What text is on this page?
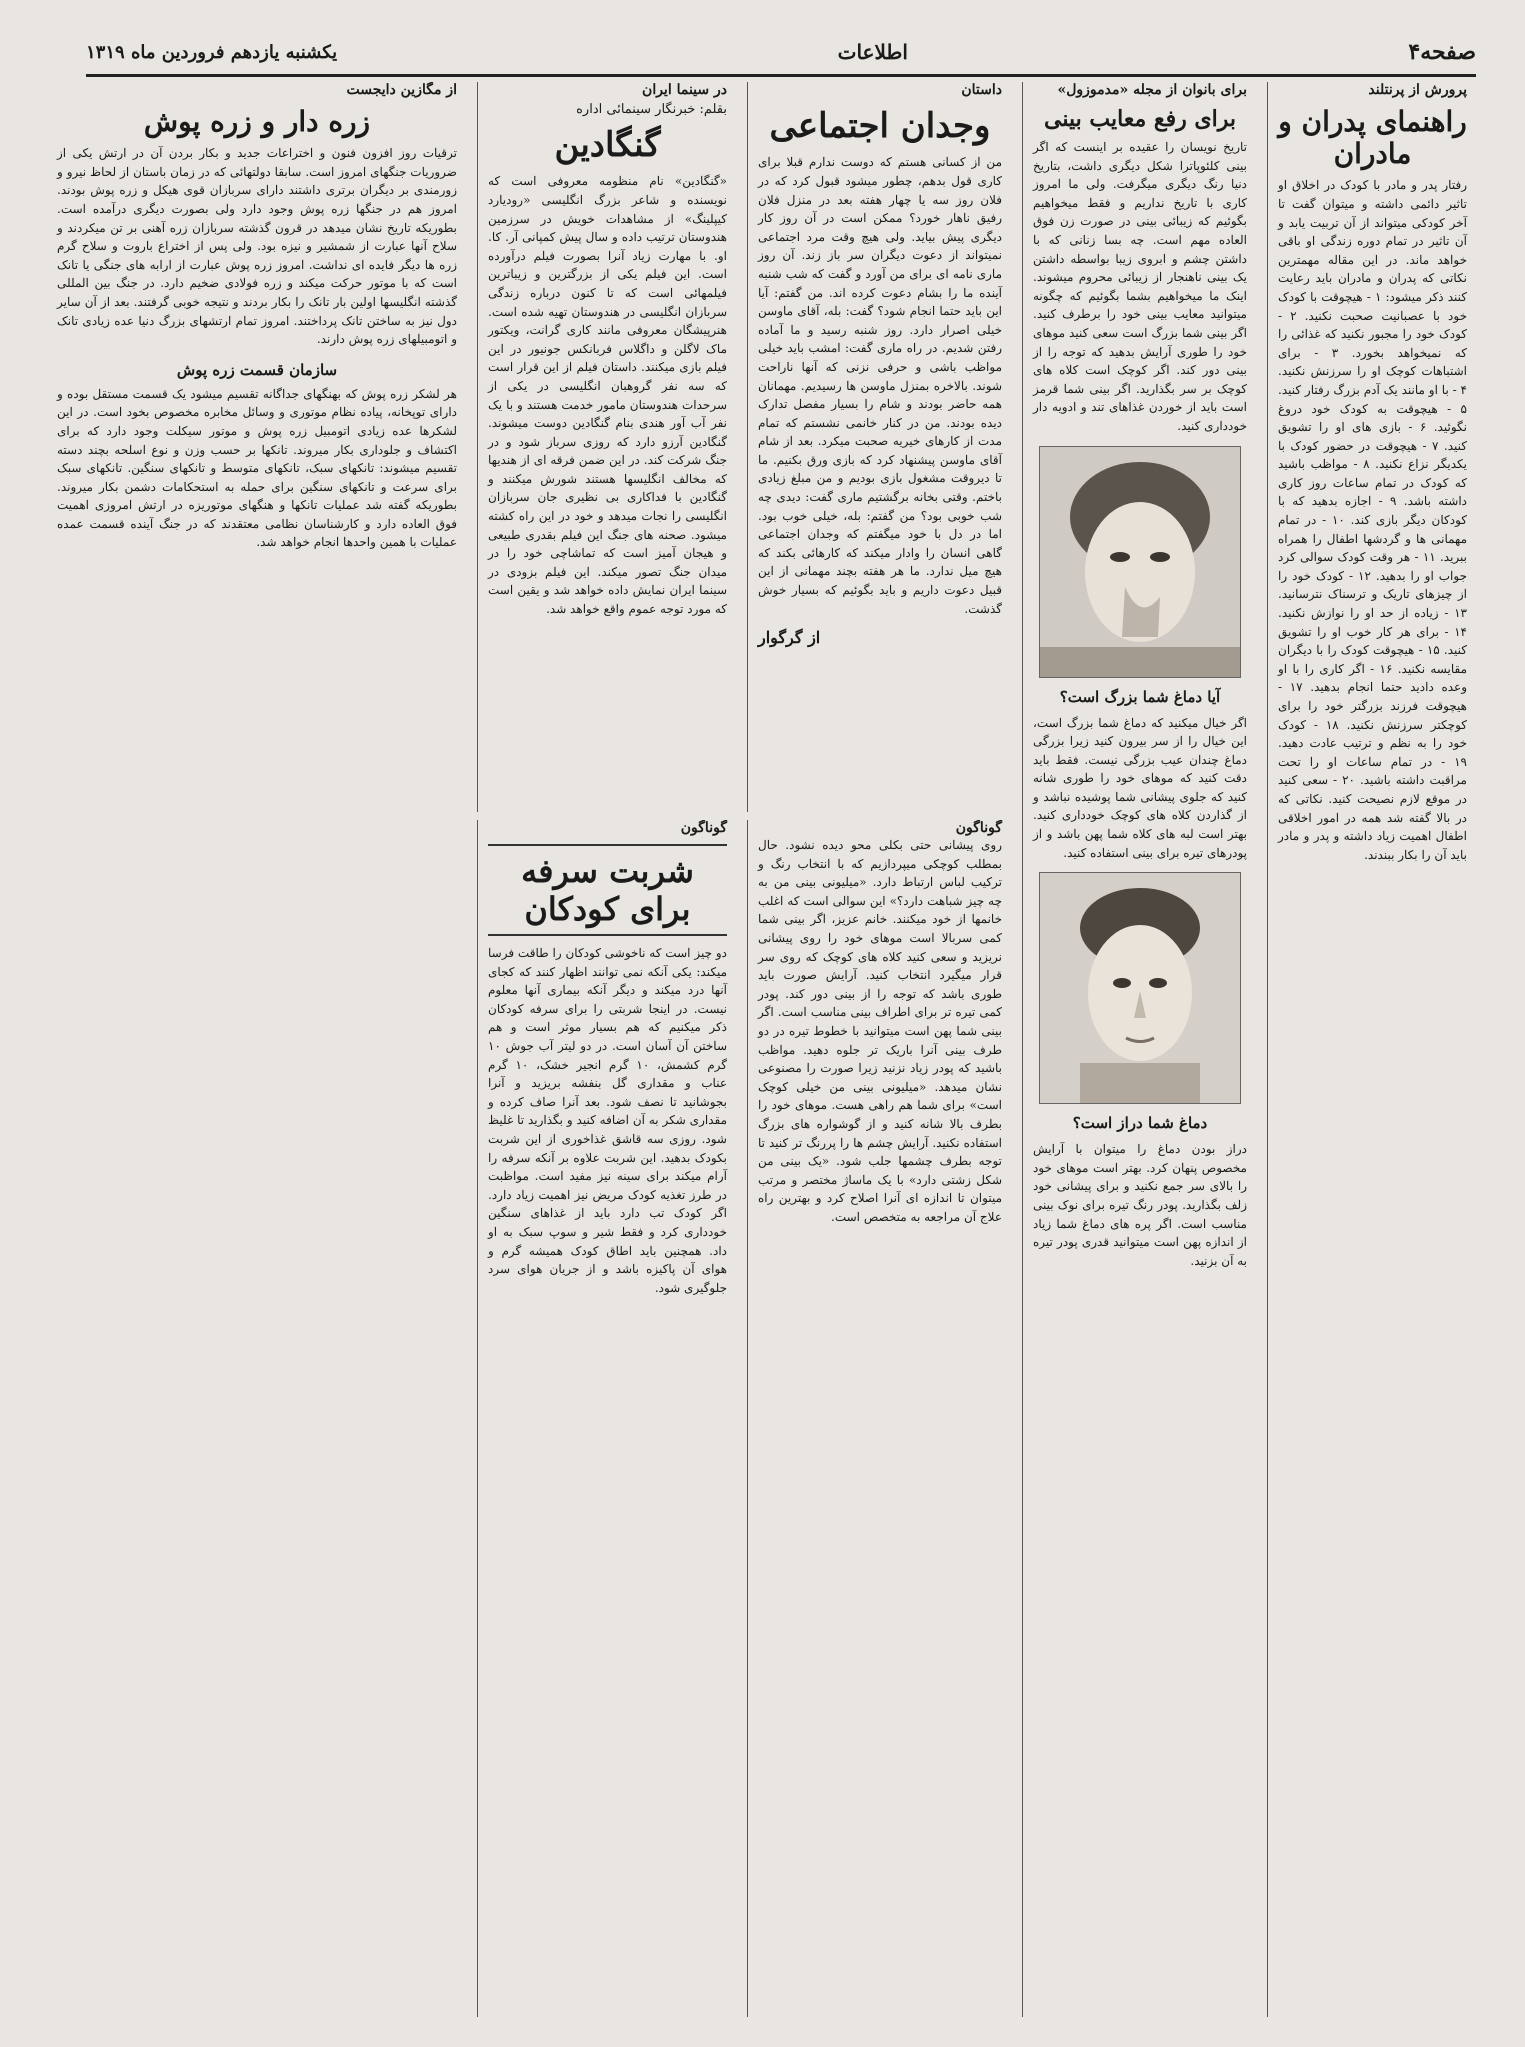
صفحه۴
اطلاعات
یکشنبه یازدهم فروردین ماه ۱۳۱۹
پرورش از پرنتلند
راهنمای پدران و مادران

رفتار پدر و مادر با کودک در اخلاق او تاثیر دائمی داشته و میتوان گفت تا آخر کودکی میتواند از آن تربیت یابد و آن تاثیر در تمام دوره زندگی او باقی خواهد ماند. در این مقاله مهمترین نکاتی که پدران و مادران باید رعایت کنند ذکر میشود: ۱ - هیچوقت با کودک خود با عصبانیت صحبت نکنید. ۲ - کودک خود را مجبور نکنید که غذائی را که نمیخواهد بخورد. ۳ - برای اشتباهات کوچک او را سرزنش نکنید. ۴ - با او مانند یک آدم بزرگ رفتار کنید. ۵ - هیچوقت به کودک خود دروغ نگوئید. ۶ - بازی های او را تشویق کنید. ۷ - هیچوقت در حضور کودک با یکدیگر نزاع نکنید. ۸ - مواظب باشید که کودک در تمام ساعات روز کاری داشته باشد. ۹ - اجازه بدهید که با کودکان دیگر بازی کند. ۱۰ - در تمام مهمانی ها و گردشها اطفال را همراه ببرید. ۱۱ - هر وقت کودک سوالی کرد جواب او را بدهید. ۱۲ - کودک خود را از چیزهای تاریک و ترسناک نترسانید. ۱۳ - زیاده از حد او را نوازش نکنید. ۱۴ - برای هر کار خوب او را تشویق کنید. ۱۵ - هیچوقت کودک را با دیگران مقایسه نکنید. ۱۶ - اگر کاری را با او وعده دادید حتما انجام بدهید. ۱۷ - هیچوقت فرزند بزرگتر خود را برای کوچکتر سرزنش نکنید. ۱۸ - کودک خود را به نظم و ترتیب عادت دهید. ۱۹ - در تمام ساعات او را تحت مراقبت داشته باشید. ۲۰ - سعی کنید در موقع لازم نصیحت کنید. نکاتی که در بالا گفته شد همه در امور اخلاقی اطفال اهمیت زیاد داشته و پدر و مادر باید آن را بکار ببندند.

برای بانوان از مجله «مدموزول»
برای رفع معایب بینی

تاریخ نویسان را عقیده بر اینست که اگر بینی کلئوپاترا شکل دیگری داشت، بتاریخ دنیا رنگ دیگری میگرفت. ولی ما امروز کاری با تاریخ نداریم و فقط میخواهیم بگوئیم که زیبائی بینی در صورت زن فوق العاده مهم است. چه بسا زنانی که با داشتن چشم و ابروی زیبا بواسطه داشتن یک بینی ناهنجار از زیبائی محروم میشوند. اینک ما میخواهیم بشما بگوئیم که چگونه میتوانید معایب بینی خود را برطرف کنید. اگر بینی شما بزرگ است سعی کنید موهای خود را طوری آرایش بدهید که توجه را از بینی دور کند. اگر کوچک است کلاه های کوچک بر سر بگذارید. اگر بینی شما قرمز است باید از خوردن غذاهای تند و ادویه دار خودداری کنید.

آیا دماغ شما بزرگ است؟

اگر خیال میکنید که دماغ شما بزرگ است، این خیال را از سر بیرون کنید زیرا بزرگی دماغ چندان عیب بزرگی نیست. فقط باید دقت کنید که موهای خود را طوری شانه کنید که جلوی پیشانی شما پوشیده نباشد و از گذاردن کلاه های کوچک خودداری کنید. بهتر است لبه های کلاه شما پهن باشد و از پودرهای تیره برای بینی استفاده کنید.

دماغ شما دراز است؟

دراز بودن دماغ را میتوان با آرایش مخصوص پنهان کرد. بهتر است موهای خود را بالای سر جمع نکنید و برای پیشانی خود زلف بگذارید. پودر رنگ تیره برای نوک بینی مناسب است. اگر پره های دماغ شما زیاد از اندازه پهن است میتوانید قدری پودر تیره به آن بزنید.

داستان
وجدان اجتماعی

من از کسانی هستم که دوست ندارم قبلا برای کاری قول بدهم، چطور میشود قبول کرد که در فلان روز سه یا چهار هفته بعد در منزل فلان رفیق ناهار خورد؟ ممکن است در آن روز کار دیگری پیش بیاید. ولی هیچ وقت مرد اجتماعی نمیتواند از دعوت دیگران سر باز زند. آن روز ماری نامه ای برای من آورد و گفت که شب شنبه آینده ما را بشام دعوت کرده اند. من گفتم: آیا این باید حتما انجام شود؟ گفت: بله، آقای ماوسن خیلی اصرار دارد. روز شنبه رسید و ما آماده رفتن شدیم. در راه ماری گفت: امشب باید خیلی مواظب باشی و حرفی نزنی که آنها ناراحت شوند. بالاخره بمنزل ماوسن ها رسیدیم. مهمانان همه حاضر بودند و شام را بسیار مفصل تدارک دیده بودند. من در کنار خانمی نشستم که تمام مدت از کارهای خیریه صحبت میکرد. بعد از شام آقای ماوسن پیشنهاد کرد که بازی ورق بکنیم. ما تا دیروقت مشغول بازی بودیم و من مبلغ زیادی باختم. وقتی بخانه برگشتیم ماری گفت: دیدی چه شب خوبی بود؟ من گفتم: بله، خیلی خوب بود. اما در دل با خود میگفتم که وجدان اجتماعی گاهی انسان را وادار میکند که کارهائی بکند که هیچ میل ندارد. ما هر هفته بچند مهمانی از این قبیل دعوت داریم و باید بگوئیم که بسیار خوش گذشت.

از گرگوار
گوناگون

روی پیشانی حتی بکلی محو دیده نشود. حال بمطلب کوچکی میپردازیم که با انتخاب رنگ و ترکیب لباس ارتباط دارد. «میلیونی بینی من به چه چیز شباهت دارد؟» این سوالی است که اغلب خانمها از خود میکنند. خانم عزیز، اگر بینی شما کمی سربالا است موهای خود را روی پیشانی نریزید و سعی کنید کلاه های کوچک که روی سر قرار میگیرد انتخاب کنید. آرایش صورت باید طوری باشد که توجه را از بینی دور کند. پودر کمی تیره تر برای اطراف بینی مناسب است. اگر بینی شما پهن است میتوانید با خطوط تیره در دو طرف بینی آنرا باریک تر جلوه دهید. مواظب باشید که پودر زیاد نزنید زیرا صورت را مصنوعی نشان میدهد. «میلیونی بینی من خیلی کوچک است» برای شما هم راهی هست. موهای خود را بطرف بالا شانه کنید و از گوشواره های بزرگ استفاده نکنید. آرایش چشم ها را پررنگ تر کنید تا توجه بطرف چشمها جلب شود. «یک بینی من شکل زشتی دارد» با یک ماساژ مختصر و مرتب میتوان تا اندازه ای آنرا اصلاح کرد و بهترین راه علاج آن مراجعه به متخصص است.

گوناگون
شربت سرفه برای کودکان

دو چیز است که ناخوشی کودکان را طاقت فرسا میکند: یکی آنکه نمی توانند اظهار کنند که کجای آنها درد میکند و دیگر آنکه بیماری آنها معلوم نیست. در اینجا شربتی را برای سرفه کودکان ذکر میکنیم که هم بسیار موثر است و هم ساختن آن آسان است. در دو لیتر آب جوش ۱۰ گرم کشمش، ۱۰ گرم انجیر خشک، ۱۰ گرم عناب و مقداری گل بنفشه بریزید و آنرا بجوشانید تا نصف شود. بعد آنرا صاف کرده و مقداری شکر به آن اضافه کنید و بگذارید تا غلیظ شود. روزی سه قاشق غذاخوری از این شربت بکودک بدهید. این شربت علاوه بر آنکه سرفه را آرام میکند برای سینه نیز مفید است. مواظبت در طرز تغذیه کودک مریض نیز اهمیت زیاد دارد. اگر کودک تب دارد باید از غذاهای سنگین خودداری کرد و فقط شیر و سوپ سبک به او داد. همچنین باید اطاق کودک همیشه گرم و هوای آن پاکیزه باشد و از جریان هوای سرد جلوگیری شود.

در سینما ایران
بقلم: خبرنگار سینمائی اداره
گنگادین

«گنگادین» نام منظومه معروفی است که نویسنده و شاعر بزرگ انگلیسی «رودیارد کیپلینگ» از مشاهدات خویش در سرزمین هندوستان ترتیب داده و سال پیش کمپانی آر. کا. او. با مهارت زیاد آنرا بصورت فیلم درآورده است. این فیلم یکی از بزرگترین و زیباترین فیلمهائی است که تا کنون درباره زندگی سربازان انگلیسی در هندوستان تهیه شده است. هنرپیشگان معروفی مانند کاری گرانت، ویکتور ماک لاگلن و داگلاس فربانکس جونیور در این فیلم بازی میکنند. داستان فیلم از این قرار است که سه نفر گروهبان انگلیسی در یکی از سرحدات هندوستان مامور خدمت هستند و با یک نفر آب آور هندی بنام گنگادین دوست میشوند. گنگادین آرزو دارد که روزی سرباز شود و در جنگ شرکت کند. در این ضمن فرقه ای از هندیها که مخالف انگلیسها هستند شورش میکنند و گنگادین با فداکاری بی نظیری جان سربازان انگلیسی را نجات میدهد و خود در این راه کشته میشود. صحنه های جنگ این فیلم بقدری طبیعی و هیجان آمیز است که تماشاچی خود را در میدان جنگ تصور میکند. این فیلم بزودی در سینما ایران نمایش داده خواهد شد و یقین است که مورد توجه عموم واقع خواهد شد.

از مگازین دایجست
زره دار و زره پوش

ترقیات روز افزون فنون و اختراعات جدید و بکار بردن آن در ارتش یکی از ضروریات جنگهای امروز است. سابقا دولتهائی که در زمان باستان از لحاظ نیرو و زورمندی بر دیگران برتری داشتند دارای سربازان قوی هیکل و زره پوش بودند. امروز هم در جنگها زره پوش وجود دارد ولی بصورت دیگری درآمده است. بطوریکه تاریخ نشان میدهد در قرون گذشته سربازان زره آهنی بر تن میکردند و سلاح آنها عبارت از شمشیر و نیزه بود. ولی پس از اختراع باروت و سلاح گرم زره ها دیگر فایده ای نداشت. امروز زره پوش عبارت از ارابه های جنگی یا تانک است که با موتور حرکت میکند و زره فولادی ضخیم دارد. در جنگ بین المللی گذشته انگلیسها اولین بار تانک را بکار بردند و نتیجه خوبی گرفتند. بعد از آن سایر دول نیز به ساختن تانک پرداختند. امروز تمام ارتشهای بزرگ دنیا عده زیادی تانک و اتومبیلهای زره پوش دارند.

سازمان قسمت زره پوش

هر لشکر زره پوش که بهنگهای جداگانه تقسیم میشود یک قسمت مستقل بوده و دارای توپخانه، پیاده نظام موتوری و وسائل مخابره مخصوص بخود است. در این لشکرها عده زیادی اتومبیل زره پوش و موتور سیکلت وجود دارد که برای اکتشاف و جلوداری بکار میروند. تانکها بر حسب وزن و نوع اسلحه بچند دسته تقسیم میشوند: تانکهای سبک، تانکهای متوسط و تانکهای سنگین. تانکهای سبک برای سرعت و تانکهای سنگین برای حمله به استحکامات دشمن بکار میروند. بطوریکه گفته شد عملیات تانکها و هنگهای موتوریزه در ارتش امروزی اهمیت فوق العاده دارد و کارشناسان نظامی معتقدند که در جنگ آینده قسمت عمده عملیات با همین واحدها انجام خواهد شد.
